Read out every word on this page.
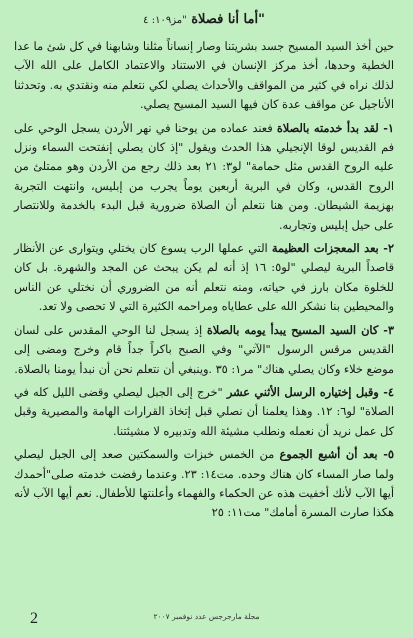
"أما أنا فصلاة "مز١٠٩: ٤

حين أخذ السيد المسيح جسد بشريتنا وصار إنساناً مثلنا وشابهنا في كل شئ ما عدا الخطية وحدها، أخذ مركز الإنسان في الاستناد والاعتماد الكامل على الله الآب لذلك نراه في كثير من المواقف والأحداث يصلي لكي نتعلم منه ونقتدي به. وتحدثنا الأناجيل عن مواقف عدة كان فيها السيد المسيح يصلي.

١- لقد بدأ خدمته بالصلاة فعند عماده من يوحنا في نهر الأردن يسجل الوحي على فم القديس لوقا الإنجيلي هذا الحدث ويقول "إذ كان يصلي إنفتحت السماء ونزل عليه الروح القدس مثل حمامة" لو٣: ٢١ بعد ذلك رجع من الأردن وهو ممتلئ من الروح القدس، وكان في البرية أربعين يوماً يجرب من إبليس، وانتهت التجربة بهزيمة الشيطان. ومن هنا نتعلم أن الصلاة ضرورية قبل البدء بالخدمة وللانتصار على حيل إبليس وتجاربه.

٢- بعد المعجزات العظيمة التي عملها الرب يسوع كان يختلي ويتوارى عن الأنظار قاصداً البرية ليصلي "لو٥: ١٦ إذ أنه لم يكن يبحث عن المجد والشهرة. بل كان للخلوة مكان بارز في حياته، ومنه نتعلم أنه من الضروري أن نختلي عن الناس والمحيطين بنا نشكر الله على عطاياه ومراحمه الكثيرة التي لا تحصى ولا تعد.

٣- كان السيد المسيح يبدأ يومه بالصلاة إذ يسجل لنا الوحي المقدس على لسان القديس مرقس الرسول "الآتي" وفي الصبح باكراً جداً قام وخرج ومضى إلى موضع خلاء وكان يصلي هناك" مر١: ٣٥ .وينبغي أن نتعلم نحن أن نبدأ يومنا بالصلاة.

٤- وقبل إختياره الرسل الأثني عشر "خرج إلى الجبل ليصلي وقضى الليل كله في الصلاة" لو٦: ١٢. وهذا يعلمنا أن نصلي قبل إتخاذ القرارات الهامة والمصيرية وقبل كل عمل نريد أن نعمله ونطلب مشيئة الله وتدبيره لا مشيئتنا.

٥- بعد أن أشبع الجموع من الخمس خبزات والسمكتين صعد إلى الجبل ليصلي ولما صار المساء كان هناك وحده. مت١٤: ٢٣. وعندما رفضت خدمته صلى"أحمدك أيها الآب لأنك أخفيت هذه عن الحكماء والفهماء وأعلنتها للأطفال. نعم أيها الآب لأنه هكذا صارت المسرة أمامك" مت١١: ٢٥

2	مجلة مارجرجس عدد نوفمبر ٢٠٠٧
